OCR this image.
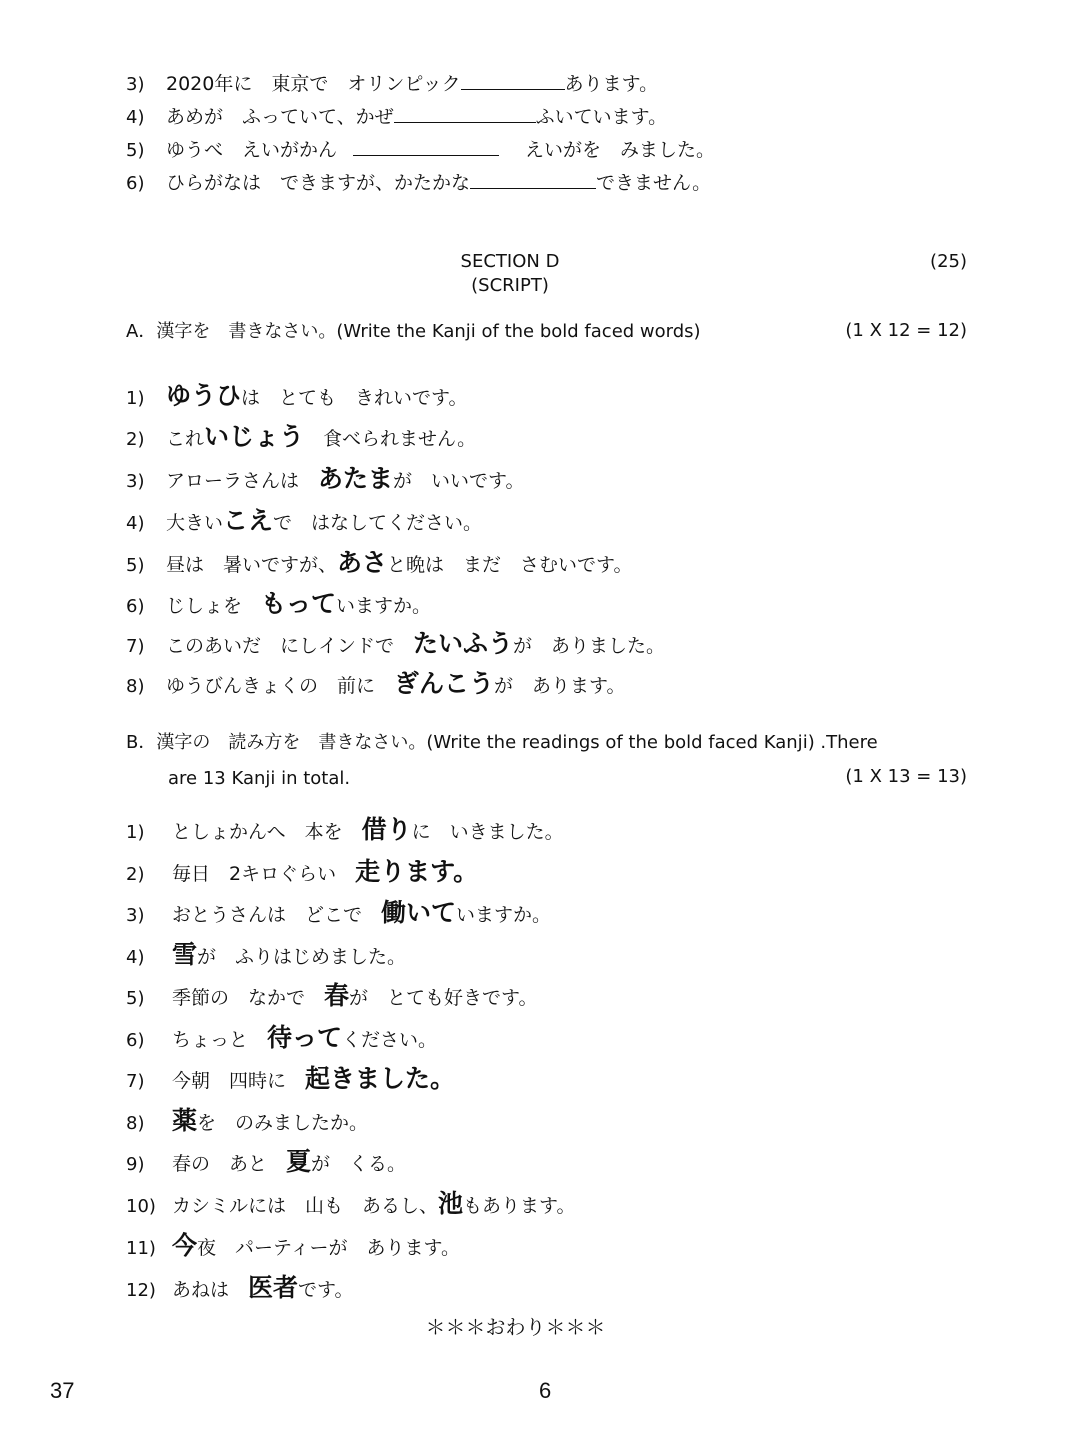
3) 2020年に　東京で　オリンピック	あります。
4) あめが　ふっていて、かぜ	ふいています。
5) ゆうべ　えいがかん	えいがを　みました。
6) ひらがなは　できますが、かたかな	できません。
SECTION D
(SCRIPT)
(25)
A．漢字を　書きなさい。(Write the Kanji of the bold faced words)	(1 X 12 = 12)
1) ゆうひは　とても　きれいです。
2) これいじょう　食べられません。
3) アローラさんは　あたまが　いいです。
4) 大きいこえで　はなしてください。
5) 昼は　暑いですが、あさと晩は　まだ　さむいです。
6) じしょを　もっていますか。
7) このあいだ　にしインドで　たいふうが　ありました。
8) ゆうびんきょくの　前に　ぎんこうが　あります。
B．漢字の　読み方を　書きなさい。(Write the readings of the bold faced Kanji) .There
are 13 Kanji in total.	(1 X 13 = 13)
1) としょかんへ　本を　借りに　いきました。
2) 毎日　2キロぐらい　走ります。
3) おとうさんは　どこで　働いていますか。
4) 雪が　ふりはじめました。
5) 季節の　なかで　春が　とても好きです。
6) ちょっと　待ってください。
7) 今朝　四時に　起きました。
8) 薬を　のみましたか。
9) 春の　あと　夏が　くる。
10) カシミルには　山も　あるし、池もあります。
11) 今夜　パーティーが　あります。
12) あねは　医者です。
＊＊＊おわり＊＊＊
37	6
